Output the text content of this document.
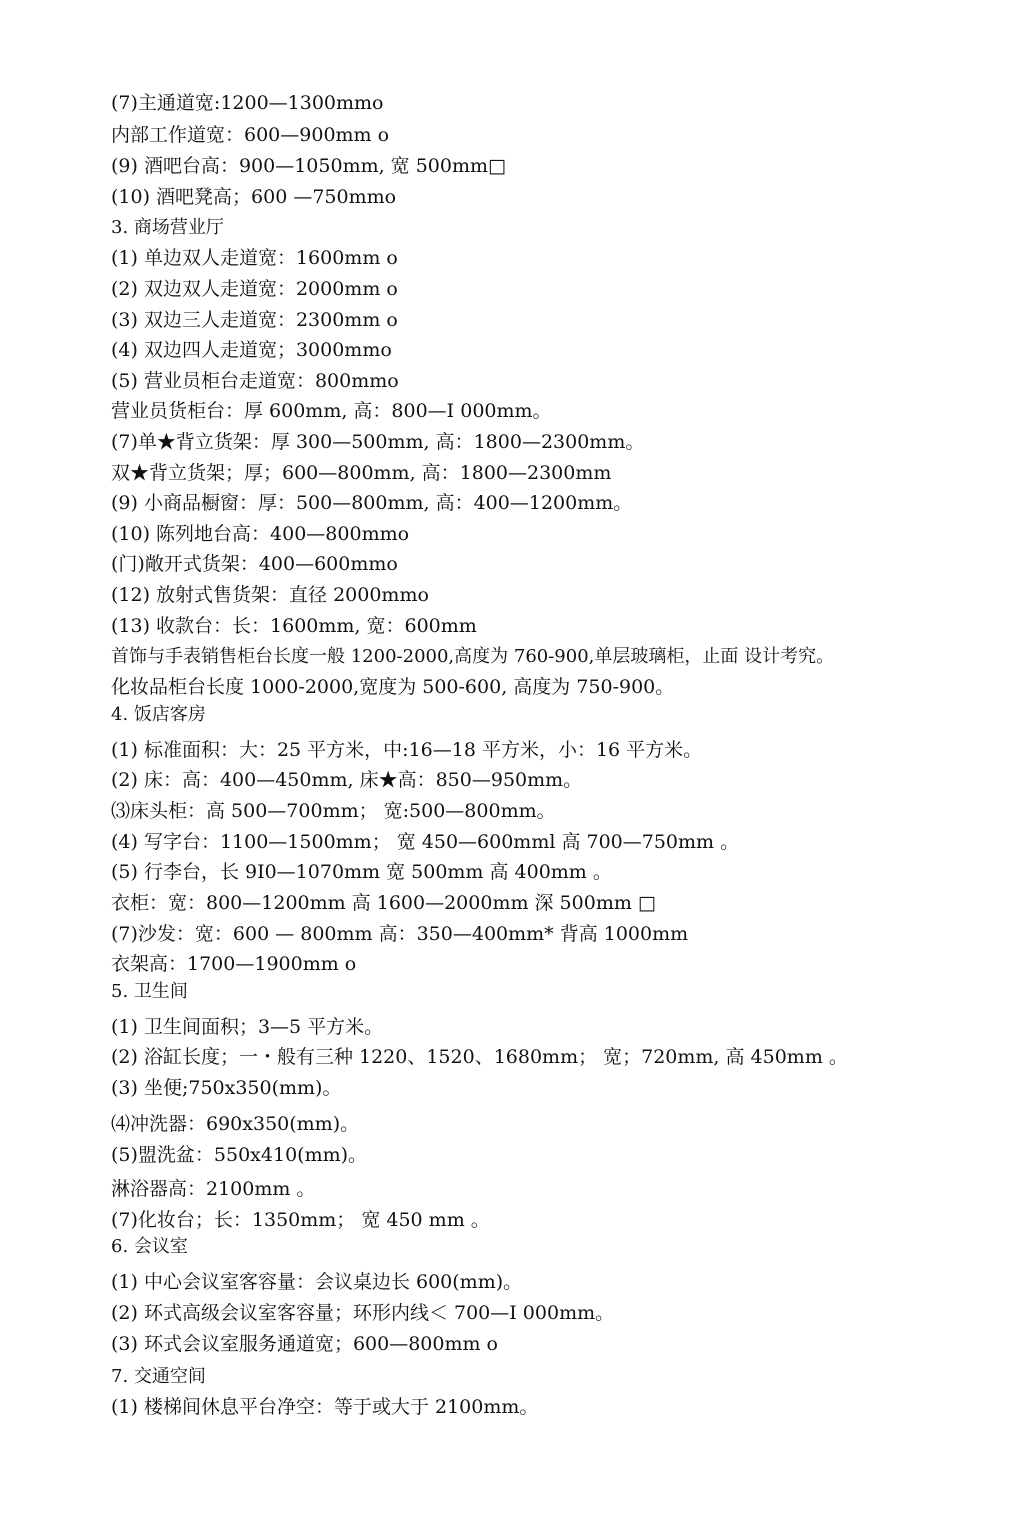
(7)主通道宽:1200—1300mmo
内部工作道宽：600—900mm o
(9) 酒吧台高：900—1050mm, 宽 500mm□
(10) 酒吧凳高；600 —750mmo
3. 商场营业厅
(1) 单边双人走道宽：1600mm o
(2) 双边双人走道宽：2000mm o
(3) 双边三人走道宽：2300mm o
(4) 双边四人走道宽；3000mmo
(5) 营业员柜台走道宽：800mmo
营业员货柜台：厚 600mm, 高：800—I 000mm。
(7)单★背立货架：厚 300—500mm, 高：1800—2300mm。
双★背立货架；厚；600—800mm, 高：1800—2300mm
(9) 小商品橱窗：厚：500—800mm, 高：400—1200mm。
(10) 陈列地台高：400—800mmo
(门)敞开式货架：400—600mmo
(12) 放射式售货架：直径 2000mmo
(13) 收款台：长：1600mm, 宽：600mm
首饰与手表销售柜台长度一般 1200-2000,高度为 760-900,单层玻璃柜，止面 设计考究。
化妆品柜台长度 1000-2000,宽度为 500-600, 高度为 750-900。
4. 饭店客房
(1) 标准面积：大：25 平方米，中:16—18 平方米，小：16 平方米。
(2) 床：高：400—450mm, 床★高：850—950mm。
⑶床头柜：高 500—700mm； 宽:500—800mm。
(4) 写字台：1100—1500mm； 宽 450—600mml 高 700—750mm 。
(5) 行李台，长 9I0—1070mm 宽 500mm 高 400mm 。
衣柜：宽：800—1200mm 高 1600—2000mm 深 500mm □
(7)沙发：宽：600 — 800mm 高：350—400mm* 背高 1000mm
衣架高：1700—1900mm o
5. 卫生间
(1) 卫生间面积；3—5 平方米。
(2) 浴缸长度；一・般有三种 1220、1520、1680mm； 宽；720mm, 高 450mm 。
(3) 坐便;750x350(mm)。
⑷冲洗器：690x350(mm)。
(5)盟洗盆：550x410(mm)。
淋浴器高：2100mm 。
(7)化妆台；长：1350mm； 宽 450 mm 。
6. 会议室
(1) 中心会议室客容量：会议桌边长 600(mm)。
(2) 环式高级会议室客容量；环形内线＜ 700—I 000mm。
(3) 环式会议室服务通道宽；600—800mm o
7. 交通空间
(1) 楼梯间休息平台净空：等于或大于 2100mm。
